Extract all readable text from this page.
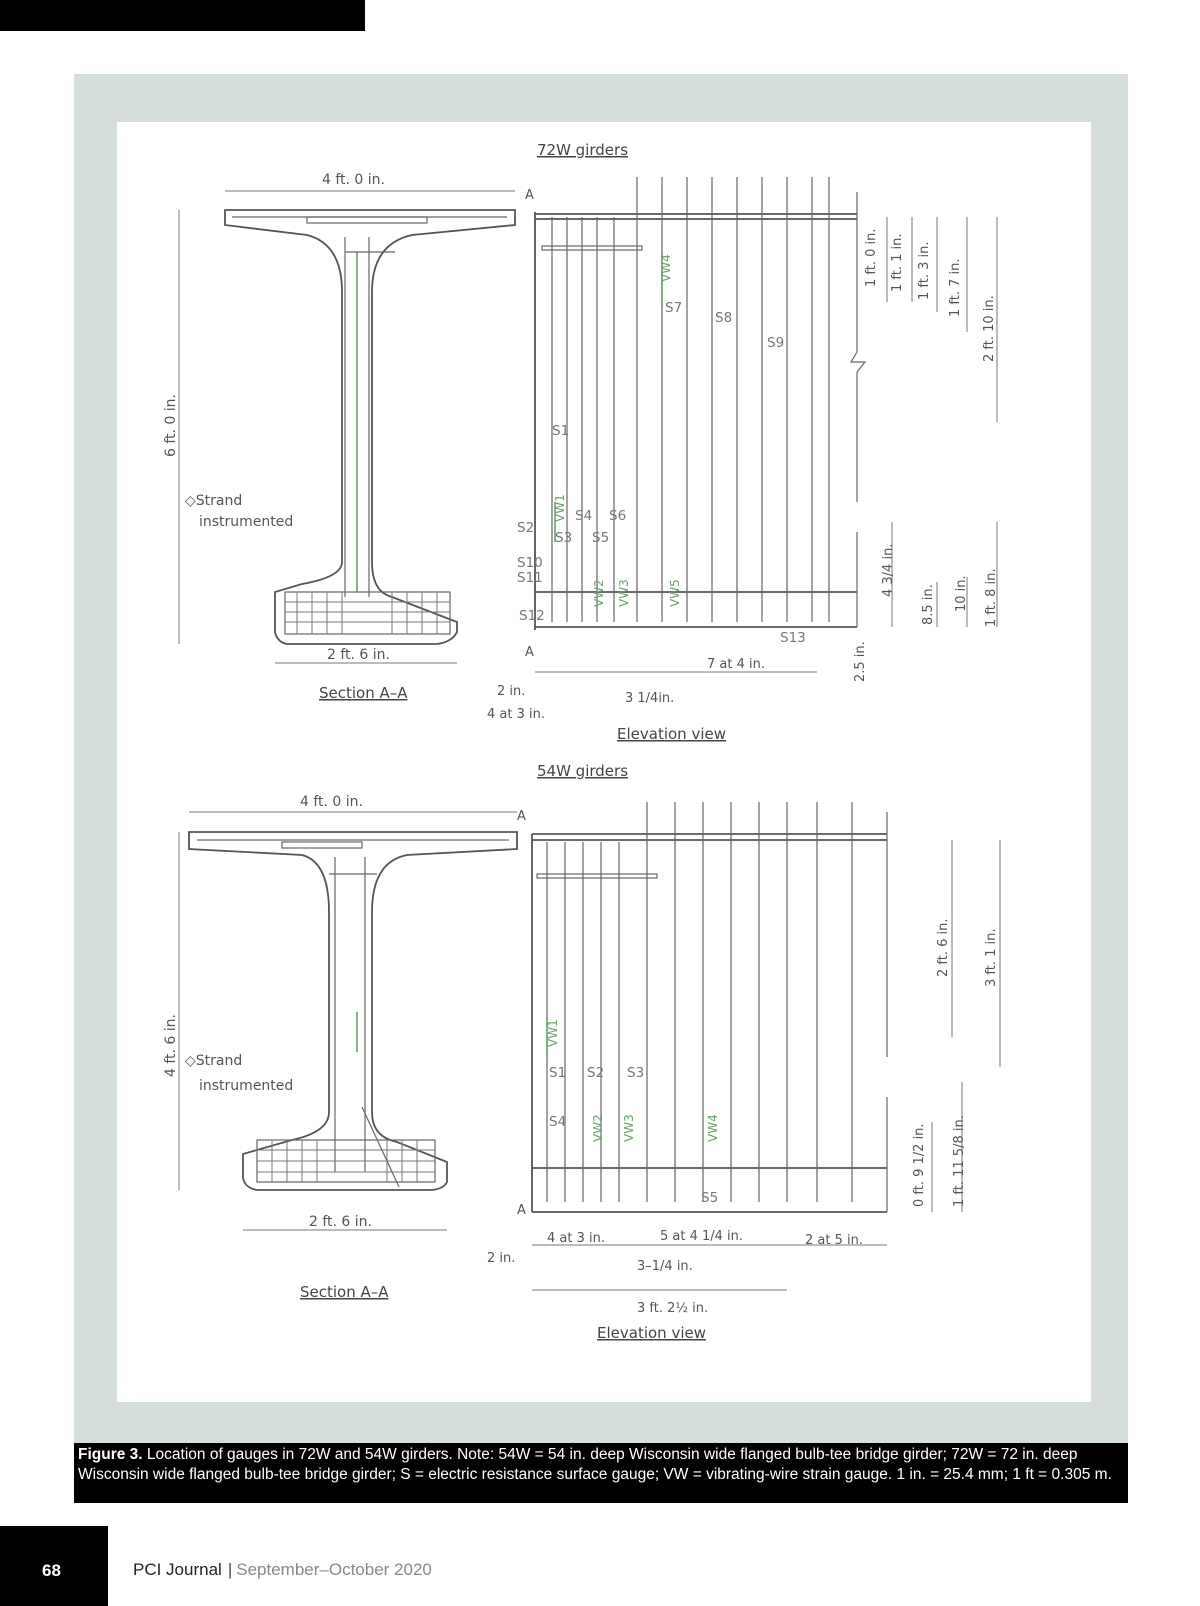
72W girders
4 ft. 0 in.
6 ft. 0 in.
◇Strand
instrumented
2 ft. 6 in.
Section A–A
A
VW4
VW1
VW2 VW3	VW5
S1
S2
S3
S4
S5
S6
S7
S8
S9
S10
S11
S12
S13
A
1 ft. 0 in. 1 ft. 1 in. 1 ft. 3 in. 1 ft. 7 in.
2 ft. 10 in.
4 3/4 in.
8.5 in. 10 in. 1 ft. 8 in.
2.5 in.
7 at 4 in.
2 in.
4 at 3 in.
3 1/4in.
Elevation view
54W girders
4 ft. 0 in.
4 ft. 6 in. ◇Strand
instrumented
2 ft. 6 in.
Section A–A
A
VW1
VW2 VW3	VW4
S1 S2 S3
S4
S5
A
2 ft. 6 in.	3 ft. 1 in.
0 ft. 9 1/2 in. 1 ft. 11 5/8 in.
4 at 3 in.	5 at 4 1/4 in.	2 at 5 in.
2 in.
3–1/4 in.
3 ft. 2½ in.
Elevation view
Figure 3. Location of gauges in 72W and 54W girders. Note: 54W = 54 in. deep Wisconsin wide flanged bulb-tee bridge girder; 72W = 72 in. deep Wisconsin wide flanged bulb-tee bridge girder; S = electric resistance surface gauge; VW = vibrating-wire strain gauge. 1 in. = 25.4 mm; 1 ft = 0.305 m.
68	PCI Journal | September–October 2020
